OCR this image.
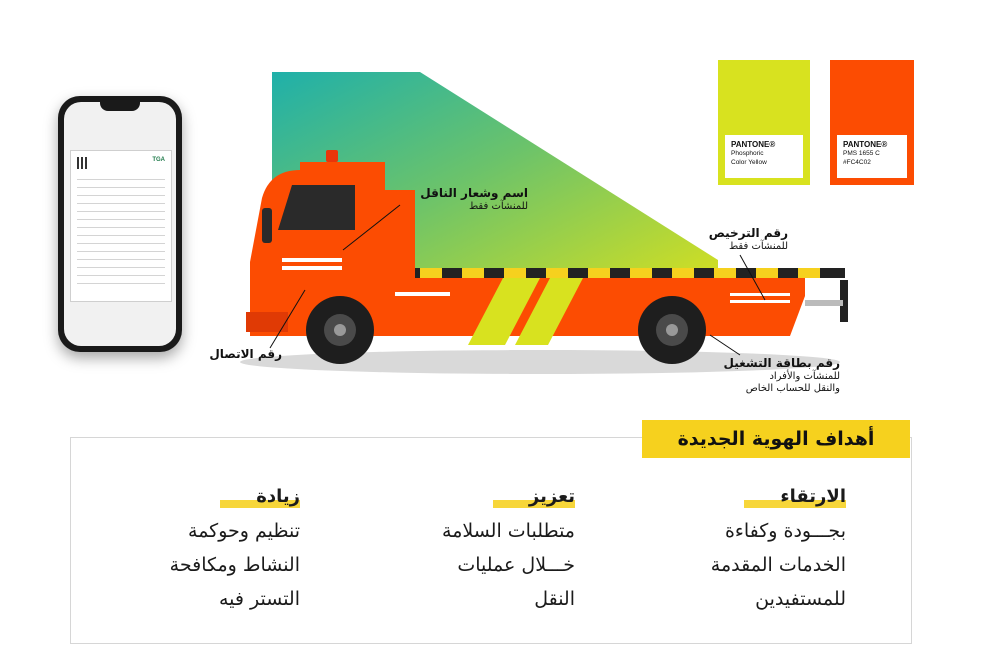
TGA
PANTONE®
Phosphoric
Color Yellow
PANTONE®
PMS 1655 C
#FC4C02
اسم وشعار الناقل
للمنشآت فقط
رقم الترخيص
للمنشآت فقط
رقم الاتصال
رقم بطاقة التشغيل
للمنشآت والأفراد
والنقل للحساب الخاص
أهداف الهوية الجديدة
الارتقاء
بجـــودة وكفاءة
الخدمات المقدمة
للمستفيدين
تعزيز
متطلبات السلامة
خـــلال عمليات
النقل
زيادة
تنظيم وحوكمة
النشاط ومكافحة
التستر فيه
